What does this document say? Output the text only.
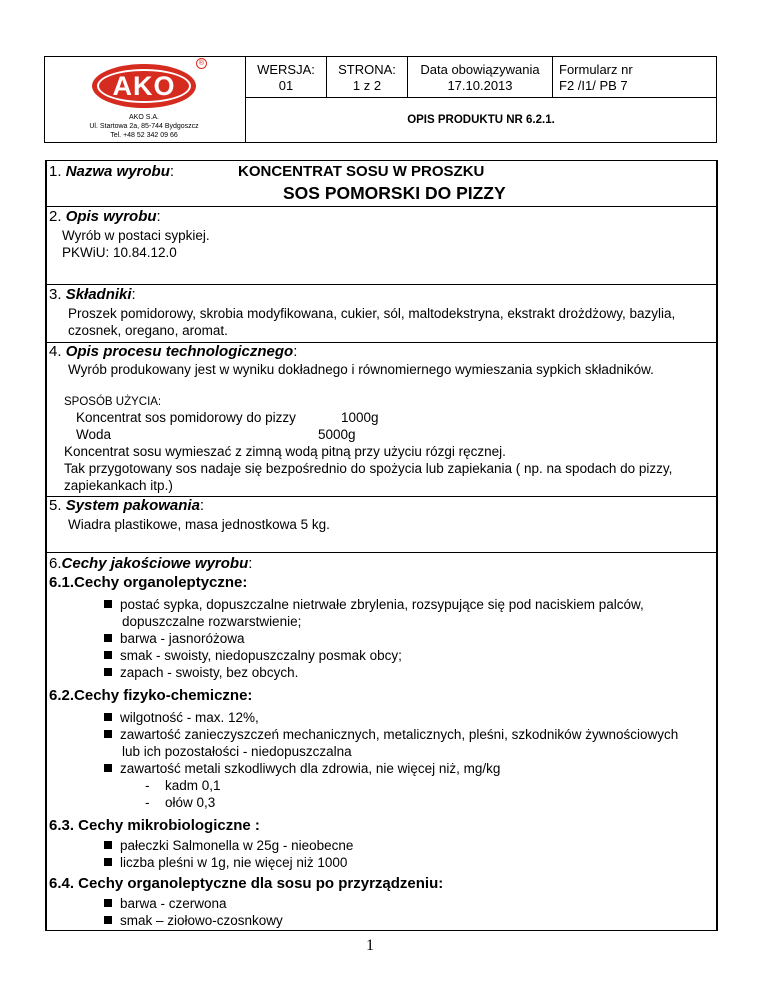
AKO
®
AKO S.A.
Ul. Startowa 2a, 85-744 Bydgoszcz
Tel. +48 52 342 09 66
WERSJA:
01
STRONA:
1 z 2
Data obowiązywania
17.10.2013
Formularz nr
F2 /I1/ PB 7
OPIS PRODUKTU NR 6.2.1.
1. Nazwa wyrobu:	KONCENTRAT SOSU W PROSZKU
SOS POMORSKI DO PIZZY
2. Opis wyrobu:
Wyrób w postaci sypkiej.
PKWiU: 10.84.12.0
3. Składniki:
Proszek pomidorowy, skrobia modyfikowana, cukier, sól, maltodekstryna, ekstrakt drożdżowy, bazylia,
czosnek, oregano, aromat.
4. Opis procesu technologicznego:
Wyrób produkowany jest w wyniku dokładnego i równomiernego wymieszania sypkich składników.
SPOSÓB UŻYCIA:
Koncentrat sos pomidorowy do pizzy	1000g
Woda	5000g
Koncentrat sosu wymieszać z zimną wodą pitną przy użyciu rózgi ręcznej.
Tak przygotowany sos nadaje się bezpośrednio do spożycia lub zapiekania ( np. na spodach do pizzy,
zapiekankach itp.)
5. System pakowania:
Wiadra plastikowe, masa jednostkowa 5 kg.
6.Cechy jakościowe wyrobu:
6.1.Cechy organoleptyczne:
postać sypka, dopuszczalne nietrwałe zbrylenia, rozsypujące się pod naciskiem palców,
dopuszczalne rozwarstwienie;
barwa - jasnoróżowa
smak - swoisty, niedopuszczalny posmak obcy;
zapach - swoisty, bez obcych.
6.2.Cechy fizyko-chemiczne:
wilgotność - max. 12%,
zawartość zanieczyszczeń mechanicznych, metalicznych, pleśni, szkodników żywnościowych
lub ich pozostałości - niedopuszczalna
zawartość metali szkodliwych dla zdrowia, nie więcej niż, mg/kg
- kadm 0,1
- ołów 0,3
6.3. Cechy mikrobiologiczne :
pałeczki Salmonella w 25g - nieobecne
liczba pleśni w 1g, nie więcej niż 1000
6.4. Cechy organoleptyczne dla sosu po przyrządzeniu:
barwa - czerwona
smak – ziołowo-czosnkowy
1
